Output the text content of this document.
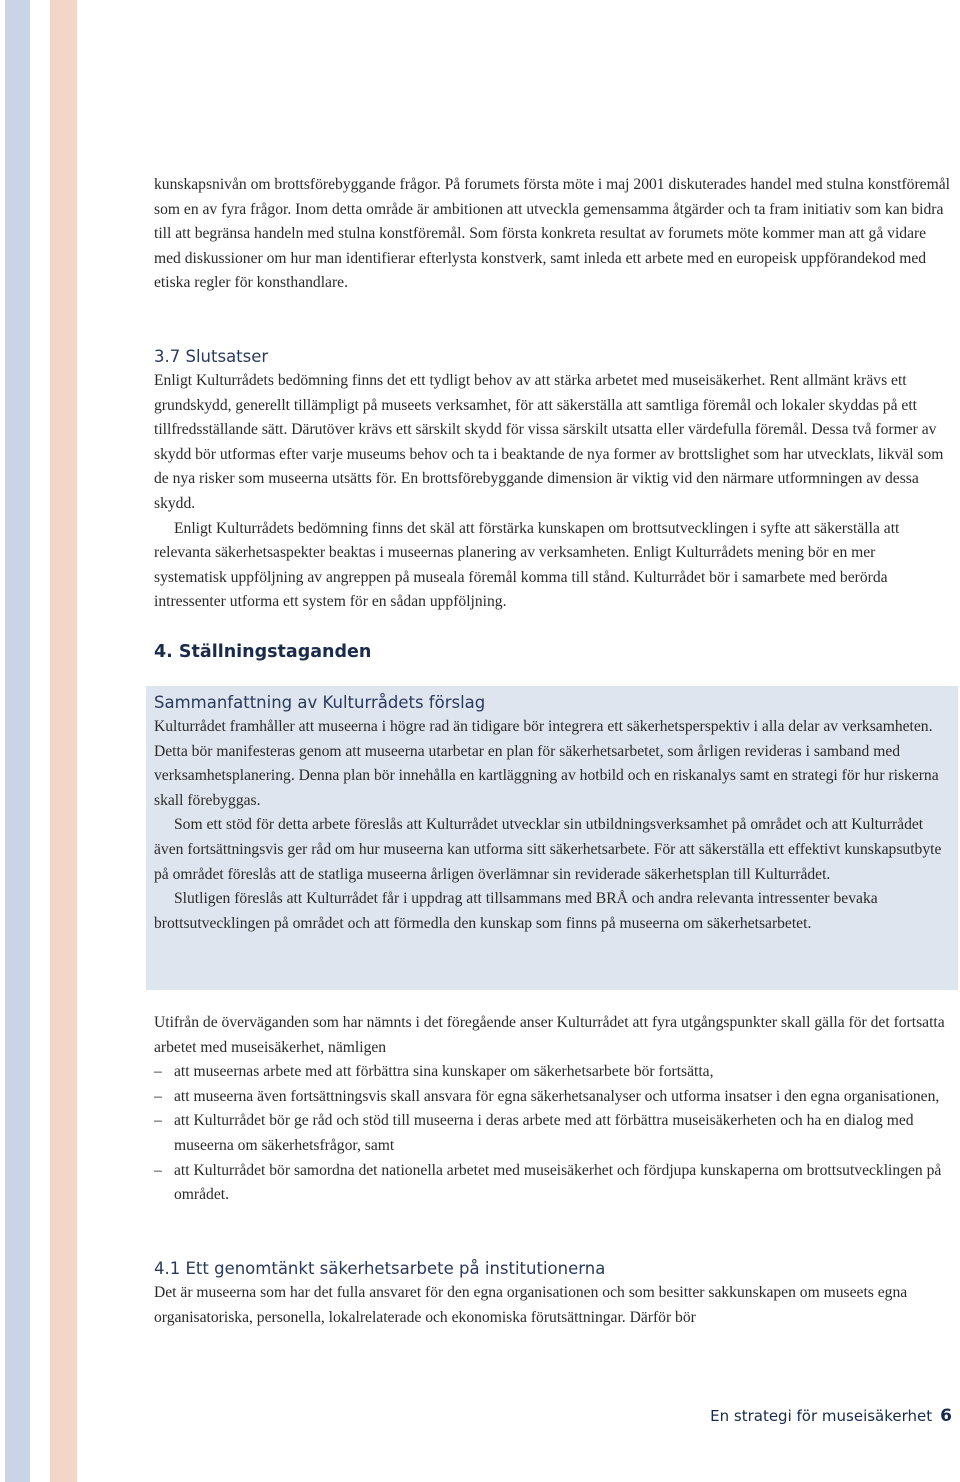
kunskapsnivån om brottsförebyggande frågor. På forumets första möte i maj 2001 diskuterades handel med stulna konstföremål som en av fyra frågor. Inom detta område är ambitionen att utveckla gemensamma åtgärder och ta fram initiativ som kan bidra till att begränsa handeln med stulna konstföremål. Som första konkreta resultat av forumets möte kommer man att gå vidare med diskussioner om hur man identifierar efterlysta konstverk, samt inleda ett arbete med en europeisk uppförandekod med etiska regler för konsthandlare.

3.7 Slutsatser

Enligt Kulturrådets bedömning finns det ett tydligt behov av att stärka arbetet med museisäkerhet. Rent allmänt krävs ett grundskydd, generellt tillämpligt på museets verksamhet, för att säkerställa att samtliga föremål och lokaler skyddas på ett tillfredsställande sätt. Därutöver krävs ett särskilt skydd för vissa särskilt utsatta eller värdefulla föremål. Dessa två former av skydd bör utformas efter varje museums behov och ta i beaktande de nya former av brottslighet som har utvecklats, likväl som de nya risker som museerna utsätts för. En brottsförebyggande dimension är viktig vid den närmare utformningen av dessa skydd.

Enligt Kulturrådets bedömning finns det skäl att förstärka kunskapen om brottsutvecklingen i syfte att säkerställa att relevanta säkerhetsaspekter beaktas i museernas planering av verksamheten. Enligt Kulturrådets mening bör en mer systematisk uppföljning av angreppen på museala föremål komma till stånd. Kulturrådet bör i samarbete med berörda intressenter utforma ett system för en sådan uppföljning.

4. Ställningstaganden
Sammanfattning av Kulturrådets förslag

Kulturrådet framhåller att museerna i högre rad än tidigare bör integrera ett säkerhetsperspektiv i alla delar av verksamheten. Detta bör manifesteras genom att museerna utarbetar en plan för säkerhetsarbetet, som årligen revideras i samband med verksamhetsplanering. Denna plan bör innehålla en kartläggning av hotbild och en riskanalys samt en strategi för hur riskerna skall förebyggas.

Som ett stöd för detta arbete föreslås att Kulturrådet utvecklar sin utbildningsverksamhet på området och att Kulturrådet även fortsättningsvis ger råd om hur museerna kan utforma sitt säkerhetsarbete. För att säkerställa ett effektivt kunskapsutbyte på området föreslås att de statliga museerna årligen överlämnar sin reviderade säkerhetsplan till Kulturrådet.

Slutligen föreslås att Kulturrådet får i uppdrag att tillsammans med BRÅ och andra relevanta intressenter bevaka brottsutvecklingen på området och att förmedla den kunskap som finns på museerna om säkerhetsarbetet.

Utifrån de överväganden som har nämnts i det föregående anser Kulturrådet att fyra utgångspunkter skall gälla för det fortsatta arbetet med museisäkerhet, nämligen

– att museernas arbete med att förbättra sina kunskaper om säkerhetsarbete bör fortsätta,
– att museerna även fortsättningsvis skall ansvara för egna säkerhetsanalyser och utforma insatser i den egna organisationen,
– att Kulturrådet bör ge råd och stöd till museerna i deras arbete med att förbättra museisäkerheten och ha en dialog med museerna om säkerhetsfrågor, samt
– att Kulturrådet bör samordna det nationella arbetet med museisäkerhet och fördjupa kunskaperna om brottsutvecklingen på området.
4.1 Ett genomtänkt säkerhetsarbete på institutionerna

Det är museerna som har det fulla ansvaret för den egna organisationen och som besitter sakkunskapen om museets egna organisatoriska, personella, lokalrelaterade och ekonomiska förutsättningar. Därför bör

En strategi för museisäkerhet 6
